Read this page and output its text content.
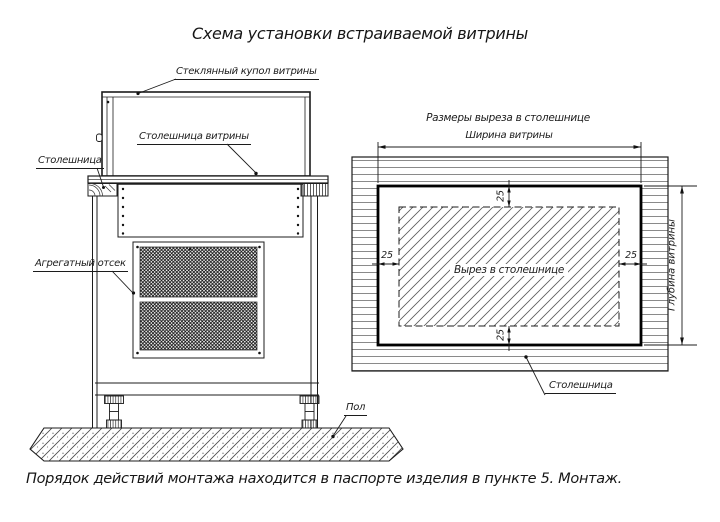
Схема установки встраиваемой витрины
Стеклянный купол витрины
Столешница витрины
Столешница
Агрегатный отсек
Пол
Размеры выреза в столешнице
Ширина витрины
Глубина витрины
Вырез в столешнице
Столешница
25
25
25	25
Порядок действий монтажа находится в паспорте изделия в пункте 5. Монтаж.
